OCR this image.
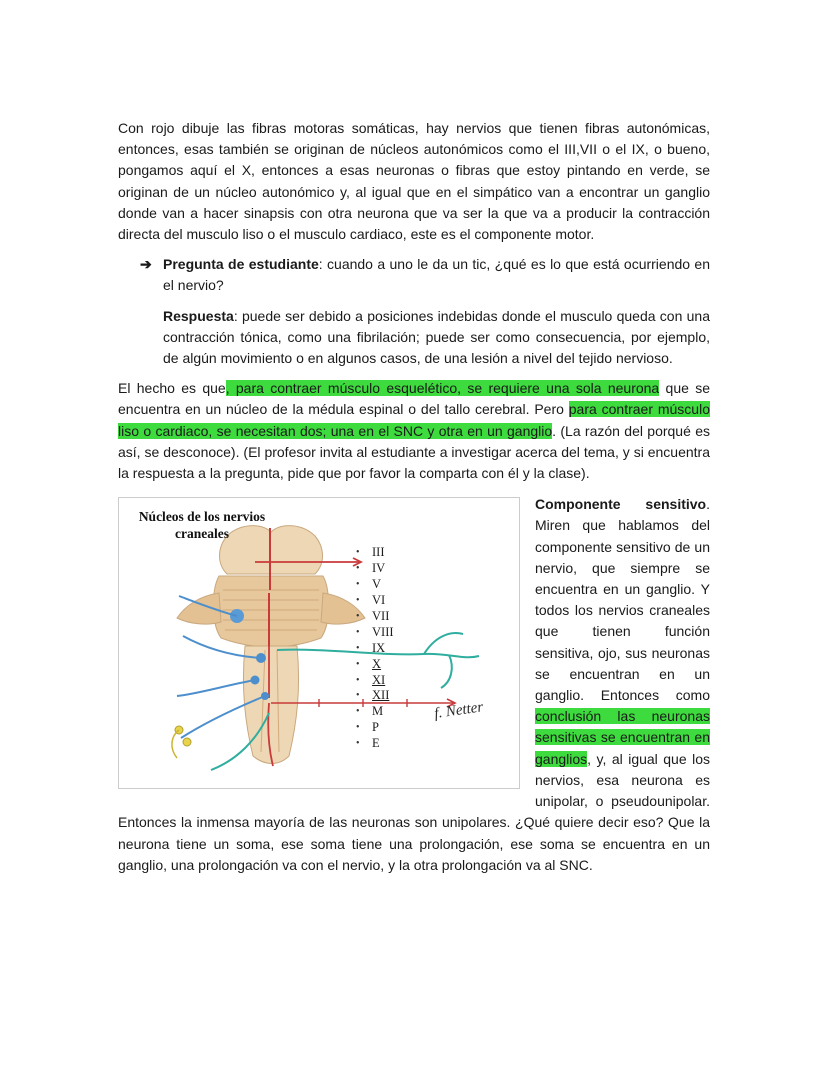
Con rojo dibuje las fibras motoras somáticas, hay nervios que tienen fibras autonómicas, entonces, esas también se originan de núcleos autonómicos como el III,VII o el IX, o bueno, pongamos aquí el X, entonces a esas neuronas o fibras que estoy pintando en verde, se originan de un núcleo autonómico y, al igual que en el simpático van a encontrar un ganglio donde van a hacer sinapsis con otra neurona que va ser la que va a producir la contracción directa del musculo liso o el musculo cardiaco, este es el componente motor.

➔ Pregunta de estudiante: cuando a uno le da un tic, ¿qué es lo que está ocurriendo en el nervio?

Respuesta: puede ser debido a posiciones indebidas donde el musculo queda con una contracción tónica, como una fibrilación; puede ser como consecuencia, por ejemplo, de algún movimiento o en algunos casos, de una lesión a nivel del tejido nervioso.

El hecho es que, para contraer músculo esquelético, se requiere una sola neurona que se encuentra en un núcleo de la médula espinal o del tallo cerebral. Pero para contraer músculo liso o cardiaco, se necesitan dos; una en el SNC y otra en un ganglio. (La razón del porqué es así, se desconoce). (El profesor invita al estudiante a investigar acerca del tema, y si encuentra la respuesta a la pregunta, pide que por favor la comparta con él y la clase).

f. Netter
Núcleos de los nervios craneales
• III
• IV
• V
• VI
• VII
• VIII
• IX
• X
• XI
• XII
• M
• P
• E

Componente sensitivo. Miren que hablamos del componente sensitivo de un nervio, que siempre se encuentra en un ganglio. Y todos los nervios craneales que tienen función sensitiva, ojo, sus neuronas se encuentran en un ganglio. Entonces como conclusión las neuronas sensitivas se encuentran en ganglios, y, al igual que los nervios, esa neurona es unipolar, o pseudounipolar. Entonces la inmensa mayoría de las neuronas son unipolares. ¿Qué quiere decir eso? Que la neurona tiene un soma, ese soma tiene una prolongación, ese soma se encuentra en un ganglio, una prolongación va con el nervio, y la otra prolongación va al SNC.
